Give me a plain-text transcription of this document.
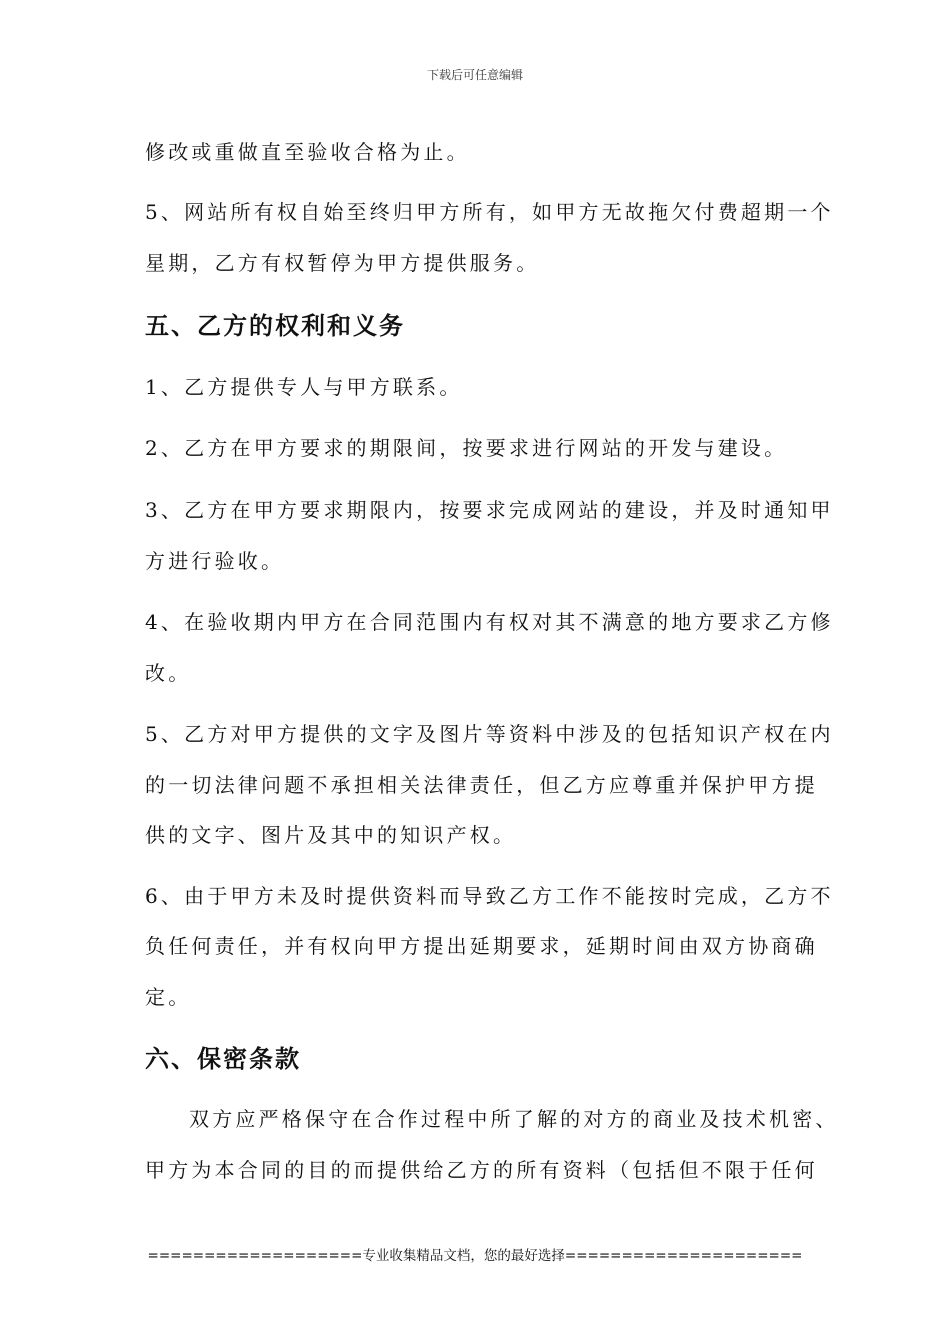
下载后可任意编辑
修改或重做直至验收合格为止。
5、网站所有权自始至终归甲方所有，如甲方无故拖欠付费超期一个
星期，乙方有权暂停为甲方提供服务。
五、乙方的权利和义务
1、乙方提供专人与甲方联系。
2、乙方在甲方要求的期限间，按要求进行网站的开发与建设。
3、乙方在甲方要求期限内，按要求完成网站的建设，并及时通知甲
方进行验收。
4、在验收期内甲方在合同范围内有权对其不满意的地方要求乙方修
改。
5、乙方对甲方提供的文字及图片等资料中涉及的包括知识产权在内
的一切法律问题不承担相关法律责任，但乙方应尊重并保护甲方提
供的文字、图片及其中的知识产权。
6、由于甲方未及时提供资料而导致乙方工作不能按时完成，乙方不
负任何责任，并有权向甲方提出延期要求，延期时间由双方协商确
定。
六、保密条款
双方应严格保守在合作过程中所了解的对方的商业及技术机密、
甲方为本合同的目的而提供给乙方的所有资料（包括但不限于任何
===================专业收集精品文档，您的最好选择=====================
